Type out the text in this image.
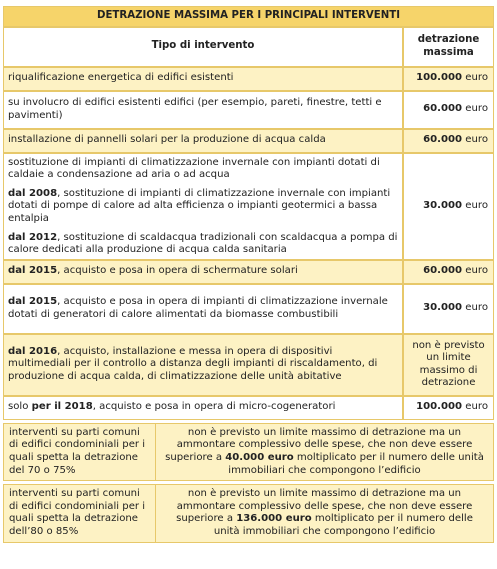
DETRAZIONE MASSIMA PER I PRINCIPALI INTERVENTI
Tipo di intervento	detrazione massima
riqualificazione energetica di edifici esistenti	100.000 euro
su involucro di edifici esistenti edifici (per esempio, pareti, finestre, tetti e pavimenti)	60.000 euro
installazione di pannelli solari per la produzione di acqua calda	60.000 euro

sostituzione di impianti di climatizzazione invernale con impianti dotati di caldaie a condensazione ad aria o ad acqua
dal 2008, sostituzione di impianti di climatizzazione invernale con impianti dotati di pompe di calore ad alta efficienza o impianti geotermici a bassa entalpia
dal 2012, sostituzione di scaldacqua tradizionali con scaldacqua a pompa di calore dedicati alla produzione di acqua calda sanitaria
	30.000 euro
dal 2015, acquisto e posa in opera di schermature solari	60.000 euro
dal 2015, acquisto e posa in opera di impianti di climatizzazione invernale dotati di generatori di calore alimentati da biomasse combustibili	30.000 euro
dal 2016, acquisto, installazione e messa in opera di dispositivi multimediali per il controllo a distanza degli impianti di riscaldamento, di produzione di acqua calda, di climatizzazione delle unità abitative	non è previsto un limite massimo di detrazione
solo per il 2018, acquisto e posa in opera di micro-cogeneratori	100.000 euro

interventi su parti comuni di edifici condominiali per i quali spetta la detrazione del 70 o 75%	non è previsto un limite massimo di detrazione ma un ammontare complessivo delle spese, che non deve essere superiore a 40.000 euro moltiplicato per il numero delle unità immobiliari che compongono l’edificio

interventi su parti comuni di edifici condominiali per i quali spetta la detrazione dell’80 o 85%	non è previsto un limite massimo di detrazione ma un ammontare complessivo delle spese, che non deve essere superiore a 136.000 euro moltiplicato per il numero delle unità immobiliari che compongono l’edificio
